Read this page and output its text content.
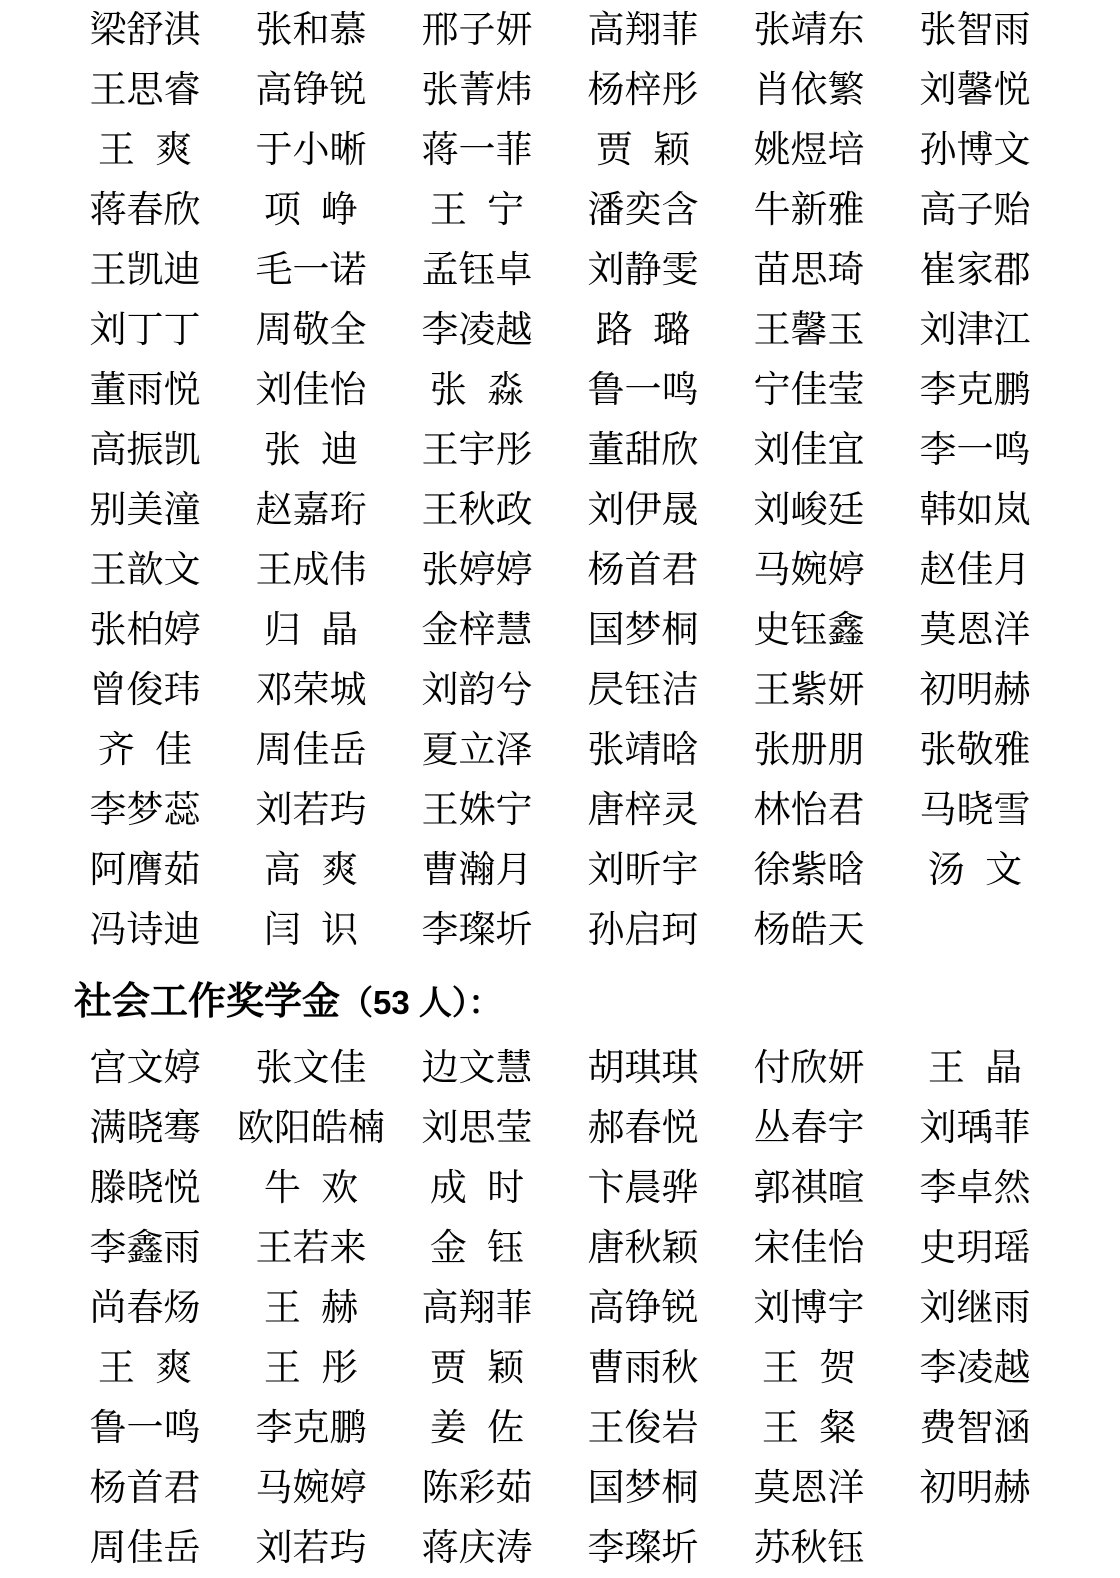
梁舒淇	张和慕	邢子妍	高翔菲	张靖东	张智雨
王思睿	高铮锐	张菁炜	杨梓彤	肖依繁	刘馨悦
王爽	于小晰	蒋一菲	贾颖	姚煜培	孙博文
蒋春欣	项峥	王宁	潘奕含	牛新雅	高子贻
王凯迪	毛一诺	孟钰卓	刘静雯	苗思琦	崔家郡
刘丁丁	周敬全	李凌越	路璐	王馨玉	刘津江
董雨悦	刘佳怡	张淼	鲁一鸣	宁佳莹	李克鹏
高振凯	张迪	王宇彤	董甜欣	刘佳宜	李一鸣
别美潼	赵嘉珩	王秋政	刘伊晟	刘峻廷	韩如岚
王歆文	王成伟	张婷婷	杨首君	马婉婷	赵佳月
张柏婷	归晶	金梓慧	国梦桐	史钰鑫	莫恩洋
曾俊玮	邓荣城	刘韵兮	昃钰洁	王紫妍	初明赫
齐佳	周佳岳	夏立泽	张靖晗	张册朋	张敬雅
李梦蕊	刘若玙	王姝宁	唐梓灵	林怡君	马晓雪
阿膺茹	高爽	曹瀚月	刘昕宇	徐紫晗	汤文
冯诗迪	闫识	李璨圻	孙启珂	杨皓天
社会工作奖学金（53 人）：
宫文婷	张文佳	边文慧	胡琪琪	付欣妍	王晶
满晓骞 欧阳皓楠 刘思莹	郝春悦	丛春宇	刘瑀菲
滕晓悦	牛欢	成时	卞晨骅	郭祺暄	李卓然
李鑫雨	王若来	金钰	唐秋颖	宋佳怡	史玥瑶
尚春炀	王赫	高翔菲	高铮锐	刘博宇	刘继雨
王爽	王彤	贾颖	曹雨秋	王贺	李凌越
鲁一鸣	李克鹏	姜佐	王俊岩	王粲	费智涵
杨首君	马婉婷	陈彩茹	国梦桐	莫恩洋	初明赫
周佳岳	刘若玙	蒋庆涛	李璨圻	苏秋钰
